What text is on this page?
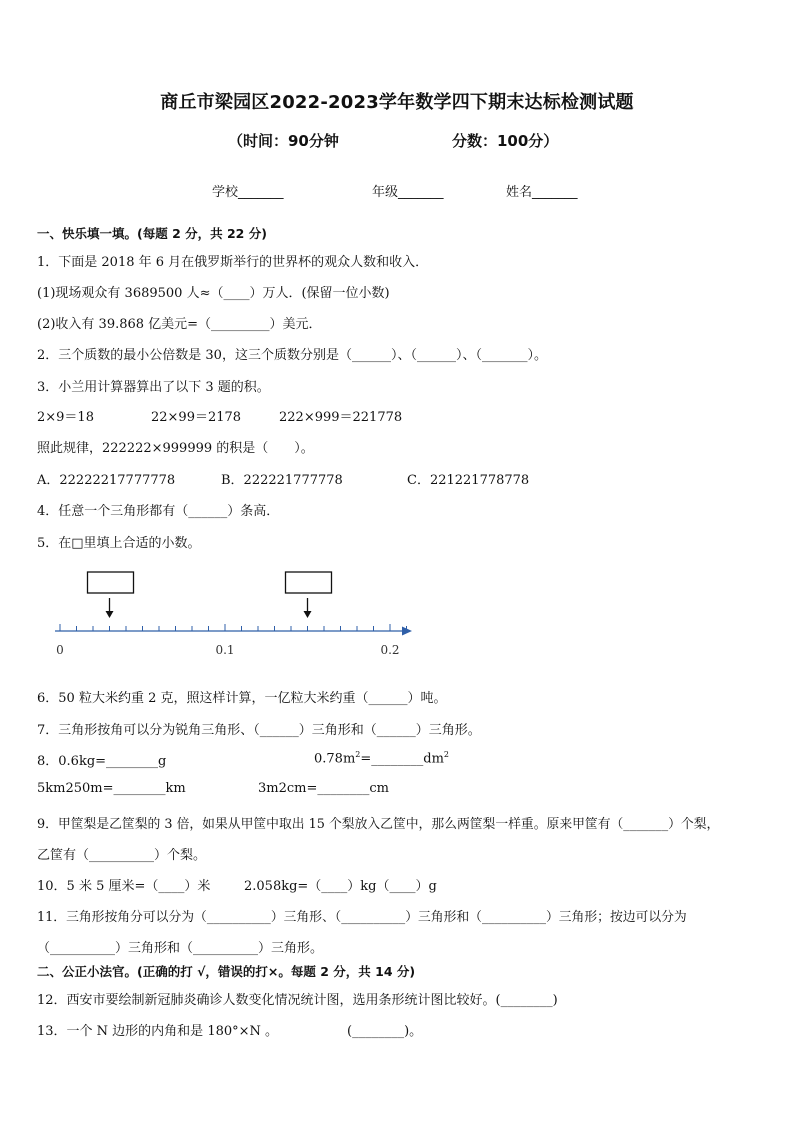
商丘市梁园区2022-2023学年数学四下期末达标检测试题
（时间：90分钟	分数：100分）
学校_______	年级_______	姓名_______
一、快乐填一填。(每题 2 分，共 22 分)
1．下面是 2018 年 6 月在俄罗斯举行的世界杯的观众人数和收入．
(1)现场观众有 3689500 人≈（____）万人．(保留一位小数)
(2)收入有 39.868 亿美元=（_________）美元．
2．三个质数的最小公倍数是 30，这三个质数分别是（______）、（______）、（_______）。
3．小兰用计算器算出了以下 3 题的积。
2×9＝18	22×99＝2178	222×999＝221778
照此规律，222222×999999 的积是（　　）。
A．22222217777778	B．222221777778	C．221221778778
4．任意一个三角形都有（______）条高．
5．在□里填上合适的小数。
0	0.1	0.2
6．50 粒大米约重 2 克，照这样计算，一亿粒大米约重（______）吨。
7．三角形按角可以分为锐角三角形、（______）三角形和（______）三角形。
8．0.6kg=________g	$0.78m^2=\_\_\_\_\_\_\_\_dm^2$
5km250m=________km	3m2cm=________cm
9．甲筐梨是乙筐梨的 3 倍，如果从甲筐中取出 15 个梨放入乙筐中，那么两筐梨一样重。原来甲筐有（_______）个梨，
乙筐有（__________）个梨。
10．5 米 5 厘米=（____）米	2.058kg=（____）kg（____）g
11．三角形按角分可以分为（__________）三角形、（__________）三角形和（__________）三角形；按边可以分为
（__________）三角形和（__________）三角形。
二、公正小法官。(正确的打 √，错误的打×。每题 2 分，共 14 分)
12．西安市要绘制新冠肺炎确诊人数变化情况统计图，选用条形统计图比较好。(________)
13．一个 N 边形的内角和是 180°×N 。	(________)。
